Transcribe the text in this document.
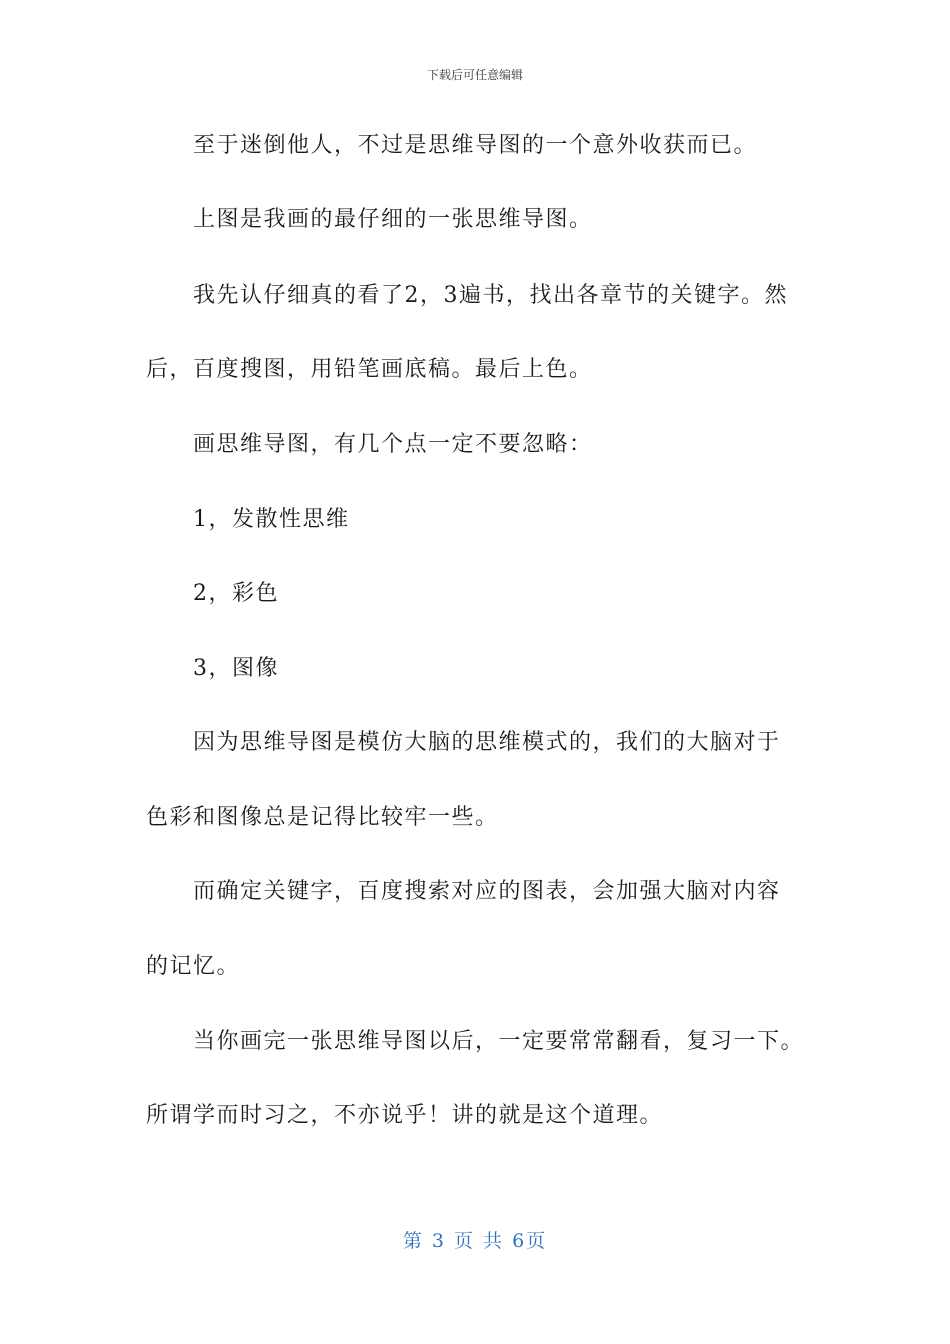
下载后可任意编辑
至于迷倒他人，不过是思维导图的一个意外收获而已。
上图是我画的最仔细的一张思维导图。
我先认仔细真的看了2，3遍书，找出各章节的关键字。然
后，百度搜图，用铅笔画底稿。最后上色。
画思维导图，有几个点一定不要忽略：
1，发散性思维
2，彩色
3，图像
因为思维导图是模仿大脑的思维模式的，我们的大脑对于
色彩和图像总是记得比较牢一些。
而确定关键字，百度搜索对应的图表，会加强大脑对内容
的记忆。
当你画完一张思维导图以后，一定要常常翻看，复习一下。
所谓学而时习之，不亦说乎！讲的就是这个道理。
第 3 页 共 6页
